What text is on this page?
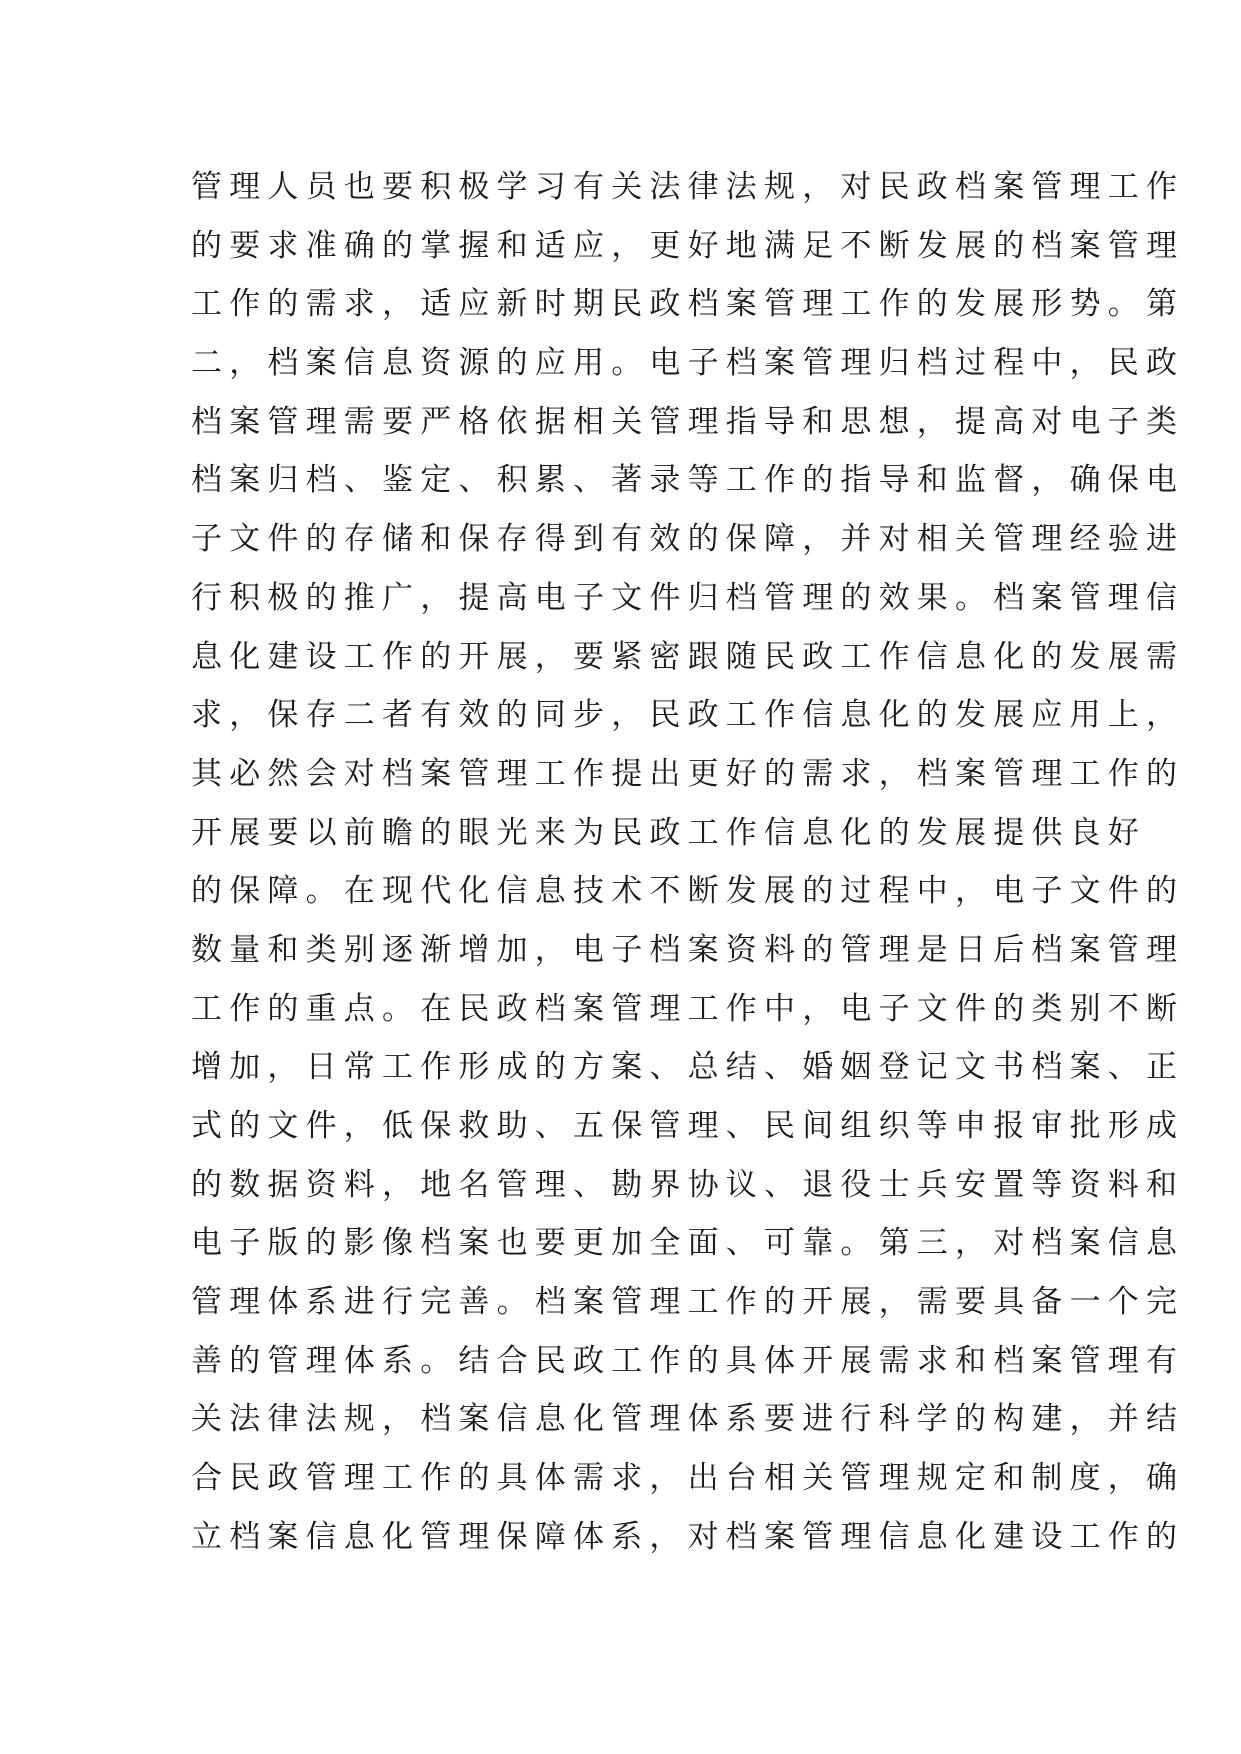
管理人员也要积极学习有关法律法规，对民政档案管理工作
的要求准确的掌握和适应，更好地满足不断发展的档案管理
工作的需求，适应新时期民政档案管理工作的发展形势。第
二，档案信息资源的应用。电子档案管理归档过程中，民政
档案管理需要严格依据相关管理指导和思想，提高对电子类
档案归档、鉴定、积累、著录等工作的指导和监督，确保电
子文件的存储和保存得到有效的保障，并对相关管理经验进
行积极的推广，提高电子文件归档管理的效果。档案管理信
息化建设工作的开展，要紧密跟随民政工作信息化的发展需
求，保存二者有效的同步，民政工作信息化的发展应用上，
其必然会对档案管理工作提出更好的需求，档案管理工作的
开展要以前瞻的眼光来为民政工作信息化的发展提供良好
的保障。在现代化信息技术不断发展的过程中，电子文件的
数量和类别逐渐增加，电子档案资料的管理是日后档案管理
工作的重点。在民政档案管理工作中，电子文件的类别不断
增加，日常工作形成的方案、总结、婚姻登记文书档案、正
式的文件，低保救助、五保管理、民间组织等申报审批形成
的数据资料，地名管理、勘界协议、退役士兵安置等资料和
电子版的影像档案也要更加全面、可靠。第三，对档案信息
管理体系进行完善。档案管理工作的开展，需要具备一个完
善的管理体系。结合民政工作的具体开展需求和档案管理有
关法律法规，档案信息化管理体系要进行科学的构建，并结
合民政管理工作的具体需求，出台相关管理规定和制度，确
立档案信息化管理保障体系，对档案管理信息化建设工作的
